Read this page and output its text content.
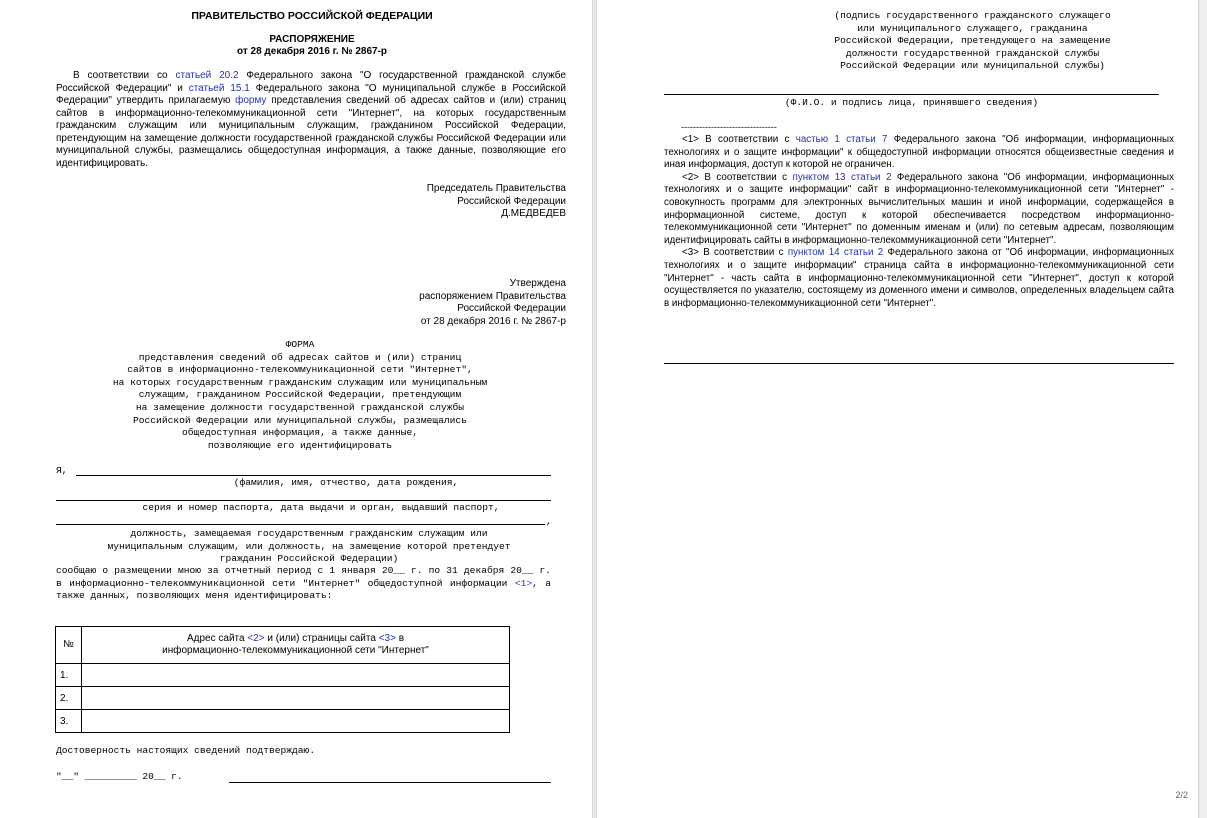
ПРАВИТЕЛЬСТВО РОССИЙСКОЙ ФЕДЕРАЦИИ
РАСПОРЯЖЕНИЕ
от 28 декабря 2016 г. № 2867-р

В соответствии со статьей 20.2 Федерального закона "О государственной гражданской службе Российской Федерации" и статьей 15.1 Федерального закона "О муниципальной службе в Российской Федерации" утвердить прилагаемую форму представления сведений об адресах сайтов и (или) страниц сайтов в информационно-телекоммуникационной сети "Интернет", на которых государственным гражданским служащим или муниципальным служащим, гражданином Российской Федерации, претендующим на замещение должности государственной гражданской службы Российской Федерации или муниципальной службы, размещались общедоступная информация, а также данные, позволяющие его идентифицировать.

Председатель Правительства
Российской Федерации
Д.МЕДВЕДЕВ
Утверждена
распоряжением Правительства
Российской Федерации
от 28 декабря 2016 г. № 2867-р
ФОРМА
представления сведений об адресах сайтов и (или) страниц
сайтов в информационно-телекоммуникационной сети "Интернет",
на которых государственным гражданским служащим или муниципальным
служащим, гражданином Российской Федерации, претендующим
на замещение должности государственной гражданской службы
Российской Федерации или муниципальной службы, размещались
общедоступная информация, а также данные,
позволяющие его идентифицировать
Я,
(фамилия, имя, отчество, дата рождения,
серия и номер паспорта, дата выдачи и орган, выдавший паспорт,
,
должность, замещаемая государственным гражданским служащим или
муниципальным служащим, или должность, на замещение которой претендует
гражданин Российской Федерации)

сообщаю о размещении мною за отчетный период с 1 января 20__ г. по 31 декабря 20__ г. в информационно-телекоммуникационной сети "Интернет" общедоступной информации <1>, а также данных, позволяющих меня идентифицировать:

№	Адрес сайта <2> и (или) страницы сайта <3> в
информационно-телекоммуникационной сети "Интернет"
1.	
2.	
3.	
Достоверность настоящих сведений подтверждаю.
"__" _________ 20__ г.
(подпись государственного гражданского служащего
или муниципального служащего, гражданина
Российской Федерации, претендующего на замещение
должности государственной гражданской службы
Российской Федерации или муниципальной службы)
(Ф.И.О. и подпись лица, принявшего сведения)
--------------------------------

<1> В соответствии с частью 1 статьи 7 Федерального закона "Об информации, информационных технологиях и о защите информации" к общедоступной информации относятся общеизвестные сведения и иная информация, доступ к которой не ограничен.

<2> В соответствии с пунктом 13 статьи 2 Федерального закона "Об информации, информационных технологиях и о защите информации" сайт в информационно-телекоммуникационной сети "Интернет" - совокупность программ для электронных вычислительных машин и иной информации, содержащейся в информационной системе, доступ к которой обеспечивается посредством информационно-телекоммуникационной сети "Интернет" по доменным именам и (или) по сетевым адресам, позволяющим идентифицировать сайты в информационно-телекоммуникационной сети "Интернет".

<3> В соответствии с пунктом 14 статьи 2 Федерального закона от "Об информации, информационных технологиях и о защите информации" страница сайта в информационно-телекоммуникационной сети "Интернет" - часть сайта в информационно-телекоммуникационной сети "Интернет", доступ к которой осуществляется по указателю, состоящему из доменного имени и символов, определенных владельцем сайта в информационно-телекоммуникационной сети "Интернет".

2/2
